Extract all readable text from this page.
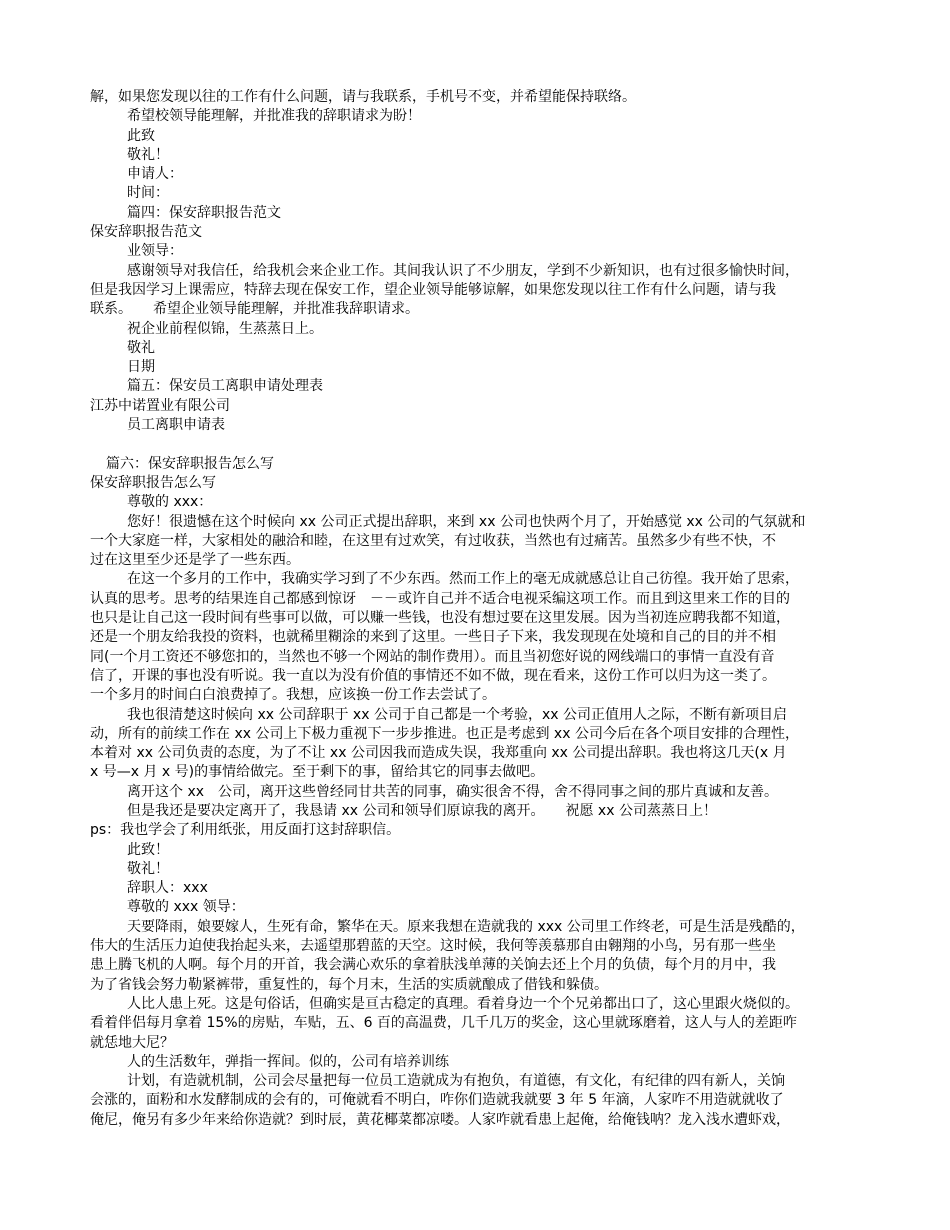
解，如果您发现以往的工作有什么问题，请与我联系，手机号不变，并希望能保持联络。

希望校领导能理解，并批准我的辞职请求为盼！

此致

敬礼！

申请人：

时间：

篇四：保安辞职报告范文

保安辞职报告范文

业领导：

感谢领导对我信任，给我机会来企业工作。其间我认识了不少朋友，学到不少新知识，也有过很多愉快时间，

但是我因学习上课需应，特辞去现在保安工作，望企业领导能够谅解，如果您发现以往工作有什么问题，请与我

联系。　　希望企业领导能理解，并批准我辞职请求。

祝企业前程似锦，生蒸蒸日上。

敬礼

日期

篇五：保安员工离职申请处理表

江苏中诺置业有限公司

员工离职申请表

篇六：保安辞职报告怎么写

保安辞职报告怎么写

尊敬的 xxx：

您好！很遗憾在这个时候向 xx 公司正式提出辞职，来到 xx 公司也快两个月了，开始感觉 xx 公司的气氛就和

一个大家庭一样，大家相处的融洽和睦，在这里有过欢笑，有过收获，当然也有过痛苦。虽然多少有些不快，不

过在这里至少还是学了一些东西。

在这一个多月的工作中，我确实学习到了不少东西。然而工作上的毫无成就感总让自己彷徨。我开始了思索，

认真的思考。思考的结果连自己都感到惊讶　－－或许自己并不适合电视采编这项工作。而且到这里来工作的目的

也只是让自己这一段时间有些事可以做，可以赚一些钱，也没有想过要在这里发展。因为当初连应聘我都不知道，

还是一个朋友给我投的资料，也就稀里糊涂的来到了这里。一些日子下来，我发现现在处境和自己的目的并不相

同(一个月工资还不够您扣的，当然也不够一个网站的制作费用）。而且当初您好说的网线端口的事情一直没有音

信了，开课的事也没有听说。我一直以为没有价值的事情还不如不做，现在看来，这份工作可以归为这一类了。

一个多月的时间白白浪费掉了。我想，应该换一份工作去尝试了。

我也很清楚这时候向 xx 公司辞职于 xx 公司于自己都是一个考验，xx 公司正值用人之际，不断有新项目启

动，所有的前续工作在 xx 公司上下极力重视下一步步推进。也正是考虑到 xx 公司今后在各个项目安排的合理性，

本着对 xx 公司负责的态度，为了不让 xx 公司因我而造成失误，我郑重向 xx 公司提出辞职。我也将这几天(x 月

x 号—x 月 x 号)的事情给做完。至于剩下的事，留给其它的同事去做吧。

离开这个 xx　公司，离开这些曾经同甘共苦的同事，确实很舍不得，舍不得同事之间的那片真诚和友善。

但是我还是要决定离开了，我恳请 xx 公司和领导们原谅我的离开。　　祝愿 xx 公司蒸蒸日上！

ps：我也学会了利用纸张，用反面打这封辞职信。

此致！

敬礼！

辞职人：xxx

尊敬的 xxx 领导：

天要降雨，娘要嫁人，生死有命，繁华在天。原来我想在造就我的 xxx 公司里工作终老，可是生活是残酷的，

伟大的生活压力迫使我抬起头来，去遥望那碧蓝的天空。这时候，我何等羡慕那自由翱翔的小鸟，另有那一些坐

患上腾飞机的人啊。每个月的开首，我会满心欢乐的拿着肤浅单薄的关饷去还上个月的负债，每个月的月中，我

为了省钱会努力勒紧裤带，重复性的，每个月末，生活的实质就酿成了借钱和躲债。

人比人患上死。这是句俗话，但确实是亘古稳定的真理。看着身边一个个兄弟都出口了，这心里跟火烧似的。

看着伴侣每月拿着 15%的房贴，车贴，五、6 百的高温费，几千几万的奖金，这心里就琢磨着，这人与人的差距咋

就恁地大尼？

人的生活数年，弹指一挥间。似的，公司有培养训练

计划，有造就机制，公司会尽量把每一位员工造就成为有抱负，有道德，有文化，有纪律的四有新人，关饷

会涨的，面粉和水发酵制成的会有的，可俺就看不明白，咋你们造就我就要 3 年 5 年滴，人家咋不用造就就收了

俺尼，俺另有多少年来给你造就？到时辰，黄花椰菜都凉喽。人家咋就看患上起俺，给俺钱呐？龙入浅水遭虾戏，
